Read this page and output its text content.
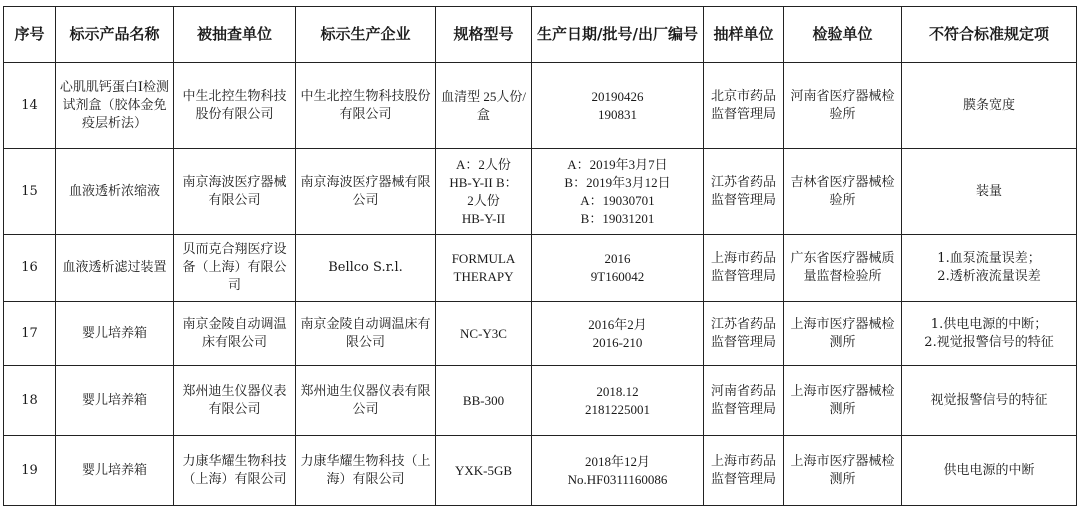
序号	标示产品名称	被抽查单位	标示生产企业	规格型号	生产日期/批号/出厂编号	抽样单位	检验单位	不符合标准规定项
14	心肌肌钙蛋白I检测试剂盒（胶体金免疫层析法）	中生北控生物科技股份有限公司	中生北控生物科技股份有限公司	血清型 25人份/盒	20190426
190831	北京市药品监督管理局	河南省医疗器械检验所	膜条宽度

15	血液透析浓缩液	南京海波医疗器械有限公司	南京海波医疗器械有限公司	A：2人份
HB-Y-II B：
2人份
HB-Y-II	A：2019年3月7日
B：2019年3月12日
A：19030701
B：19031201	江苏省药品监督管理局	吉林省医疗器械检验所	装量

16	血液透析滤过装置	贝而克合翔医疗设备（上海）有限公司	Bellco S.r.l.	FORMULA
THERAPY	2016
9T160042	上海市药品监督管理局	广东省医疗器械质量监督检验所	1.血泵流量误差；
2.透析液流量误差

17	婴儿培养箱	南京金陵自动调温床有限公司	南京金陵自动调温床有限公司	NC-Y3C	2016年2月
2016-210	江苏省药品监督管理局	上海市医疗器械检测所	1.供电电源的中断；
2.视觉报警信号的特征

18	婴儿培养箱	郑州迪生仪器仪表有限公司	郑州迪生仪器仪表有限公司	BB-300	2018.12
2181225001	河南省药品监督管理局	上海市医疗器械检测所	视觉报警信号的特征

19	婴儿培养箱	力康华耀生物科技（上海）有限公司	力康华耀生物科技（上海）有限公司	YXK-5GB	2018年12月
No.HF0311160086	上海市药品监督管理局	上海市医疗器械检测所	供电电源的中断
